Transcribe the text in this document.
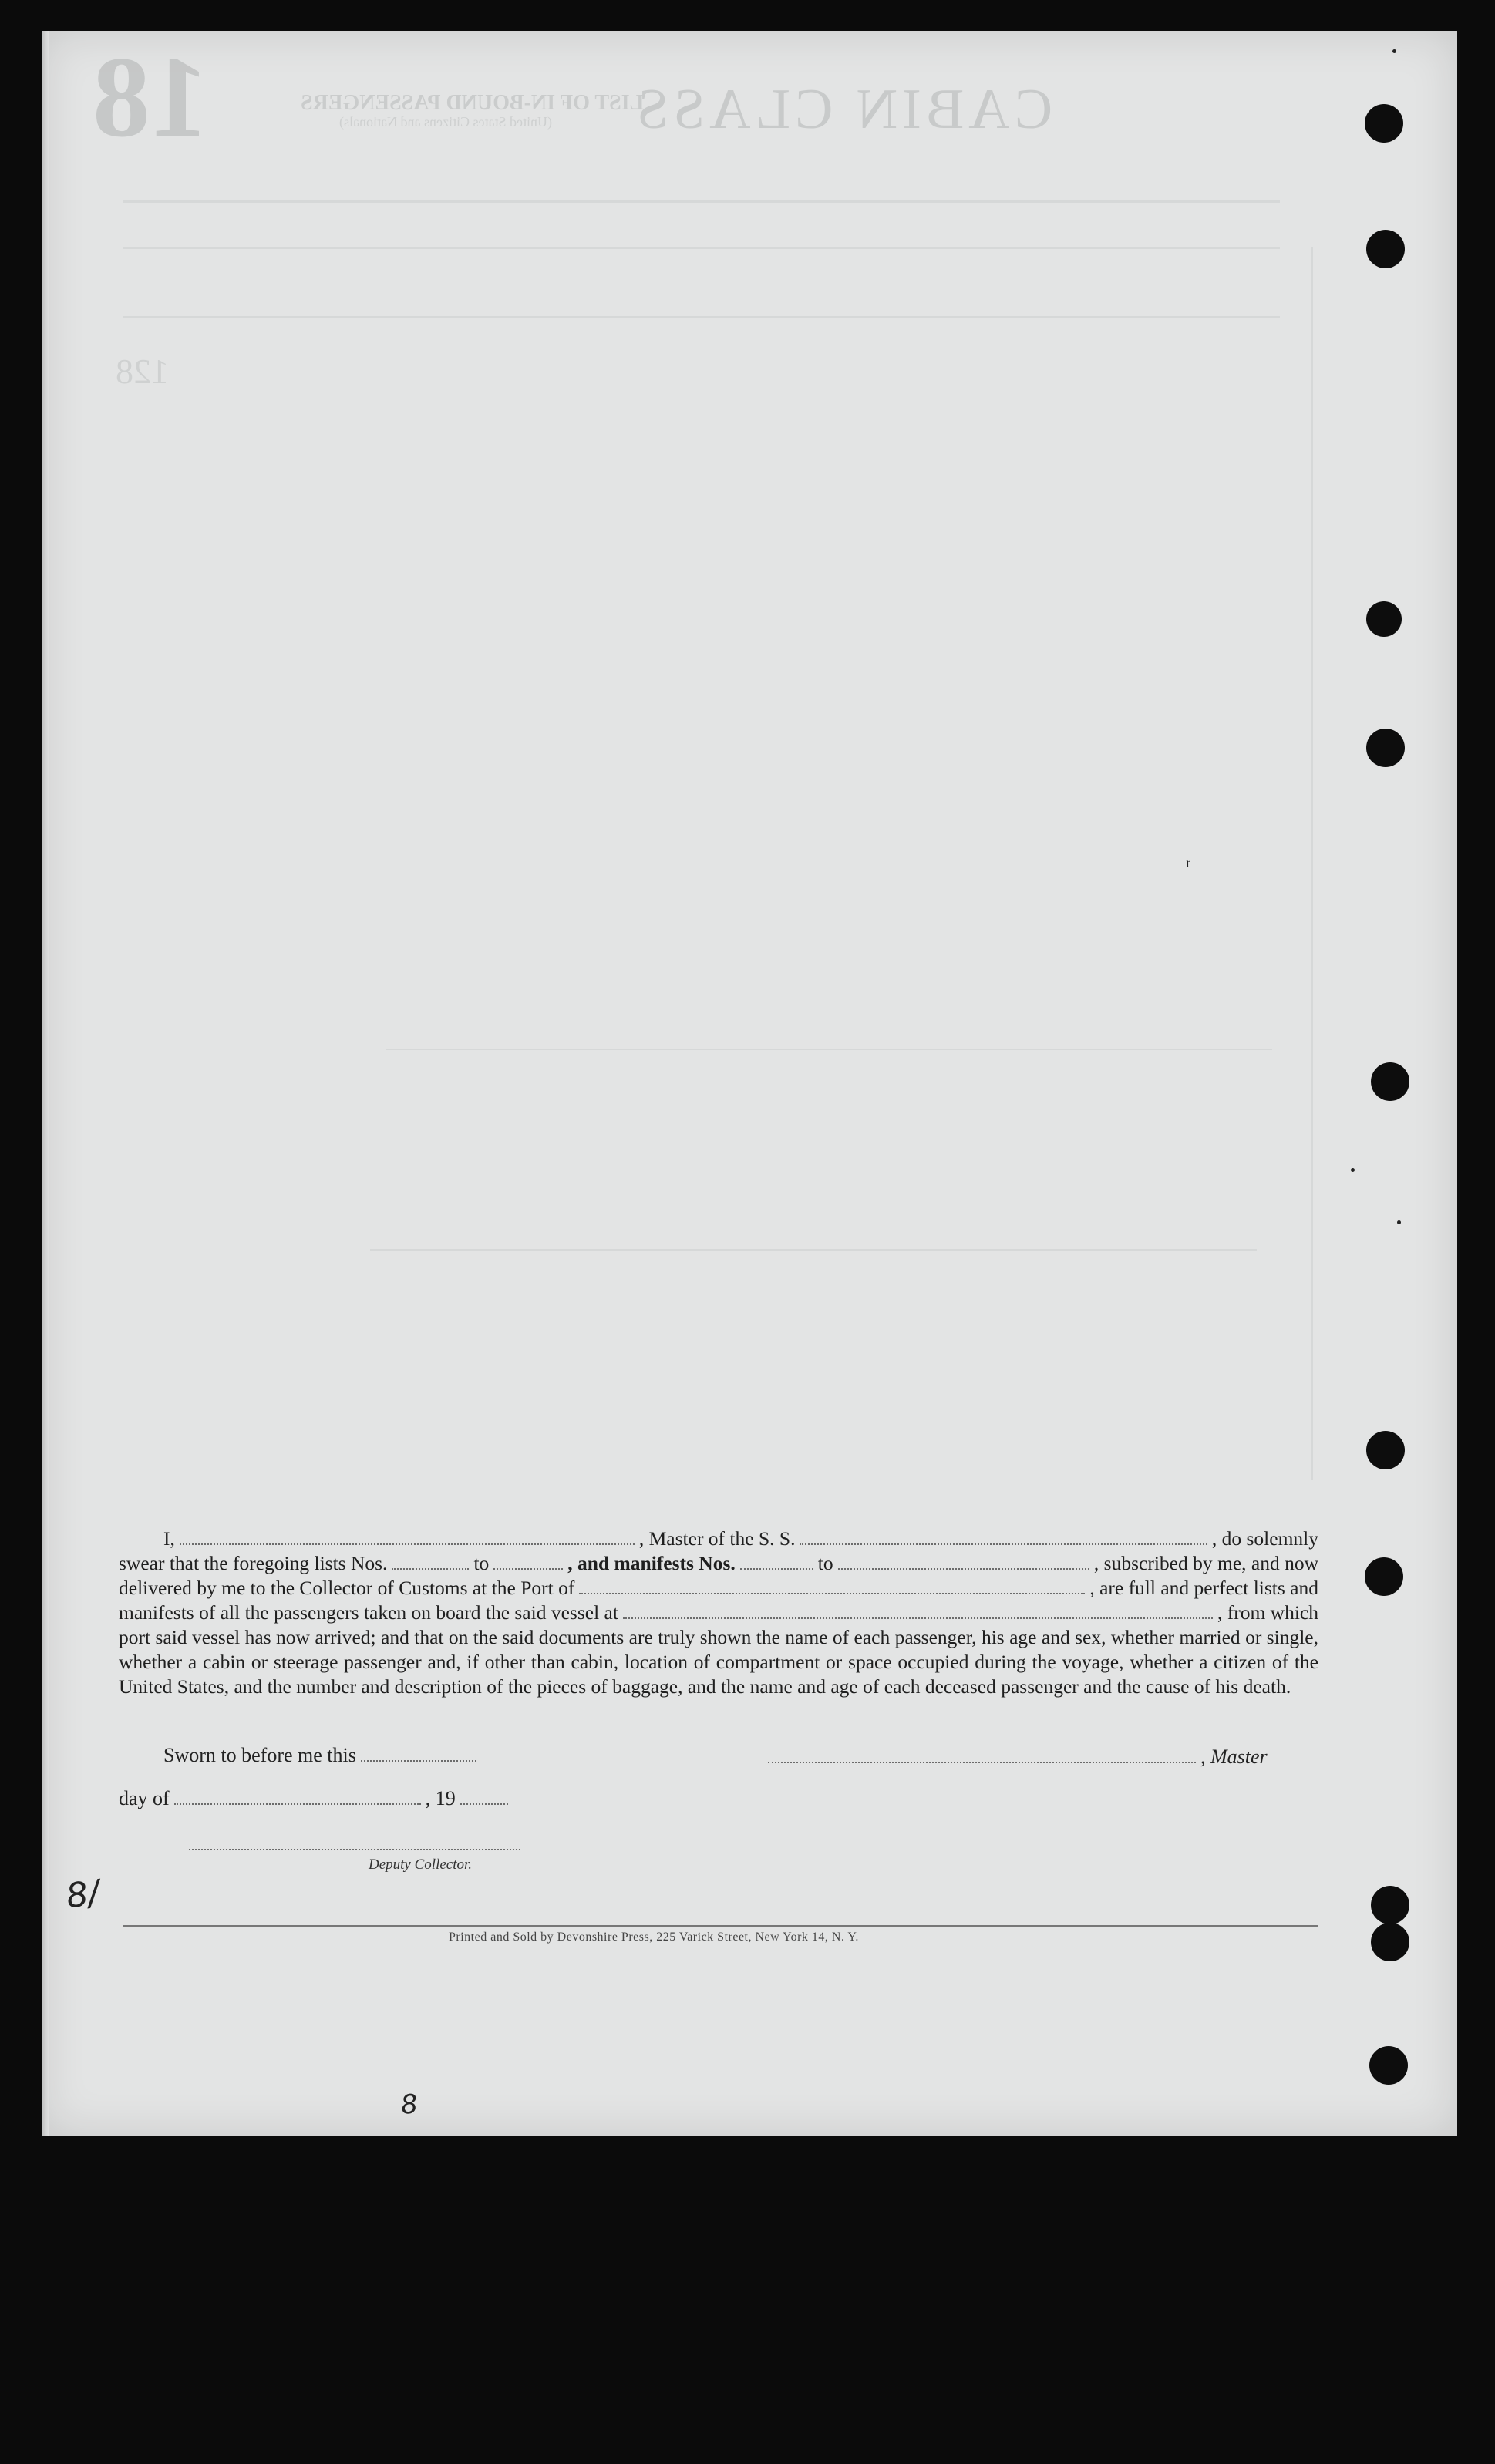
18	CABIN CLASS
LIST OF IN-BOUND PASSENGERS
(United States Citizens and Nationals)
128
ʳ
I,	, Master of the S. S.	, do solemnly
swear that the foregoing lists Nos.	to	, and manifests Nos.	to	, subscribed by me, and now
delivered by me to the Collector of Customs at the Port of	, are full and perfect lists and
manifests of all the passengers taken on board the said vessel at	, from which
port said vessel has now arrived; and that on the said documents are truly shown the name of each passenger, his age and sex, whether married or single, whether a cabin or steerage passenger and, if other than cabin, location of compartment or space occupied during the voyage, whether a citizen of the United States, and the number and description of the pieces of baggage, and the name and age of each deceased passenger and the cause of his death.
Sworn to before me this	, Master
day of	, 19
Deputy Collector.
Printed and Sold by Devonshire Press, 225 Varick Street, New York 14, N. Y.
8/
8
